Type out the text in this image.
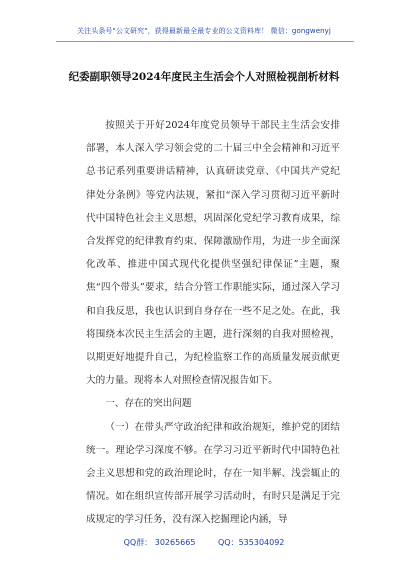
关注头条号"公文研究"，获得最新最全最专业的公文资料库！ 微信：gongwenyj
纪委副职领导2024年度民主生活会个人对照检视剖析材料

按照关于开好2024年度党员领导干部民主生活会安排部署，本人深入学习领会党的二十届三中全会精神和习近平总书记系列重要讲话精神，认真研读党章、《中国共产党纪律处分条例》等党内法规，紧扣“深入学习贯彻习近平新时代中国特色社会主义思想，巩固深化党纪学习教育成果，综合发挥党的纪律教育约束、保障激励作用，为进一步全面深化改革、推进中国式现代化提供坚强纪律保证”主题，聚焦“四个带头”要求，结合分管工作职能实际，通过深入学习和自我反思，我也认识到自身存在一些不足之处。在此，我将围绕本次民主生活会的主题，进行深刻的自我对照检视，以期更好地提升自己，为纪检监察工作的高质量发展贡献更大的力量。现将本人对照检查情况报告如下。

一、存在的突出问题

（一）在带头严守政治纪律和政治规矩，维护党的团结统一。理论学习深度不够。在学习习近平新时代中国特色社会主义思想和党的政治理论时，存在一知半解、浅尝辄止的情况。如在组织宣传部开展学习活动时，有时只是满足于完成规定的学习任务，没有深入挖掘理论内涵，导

QQ群： 30265665	QQ：535304092
